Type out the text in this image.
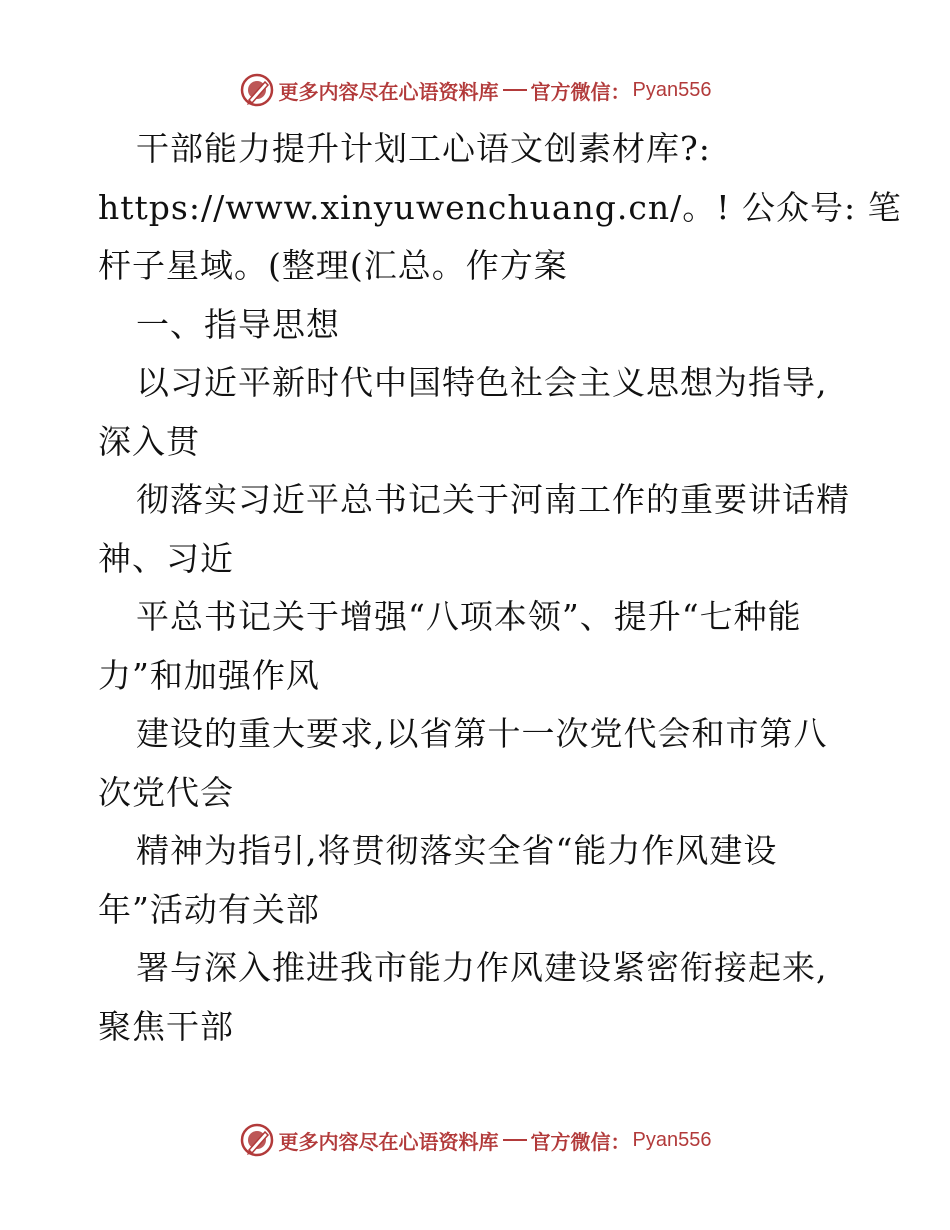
更多内容尽在心语资料库 官方微信： Pyan556
干部能力提升计划工心语文创素材库?:
https://www.xinyuwenchuang.cn/。! 公众号: 笔
杆子星域。(整理(汇总。作方案
一、指导思想
以习近平新时代中国特色社会主义思想为指导,
深入贯
彻落实习近平总书记关于河南工作的重要讲话精
神、习近
平总书记关于增强“八项本领”、提升“七种能
力”和加强作风
建设的重大要求,以省第十一次党代会和市第八
次党代会
精神为指引,将贯彻落实全省“能力作风建设
年”活动有关部
署与深入推进我市能力作风建设紧密衔接起来,
聚焦干部
更多内容尽在心语资料库 官方微信： Pyan556
